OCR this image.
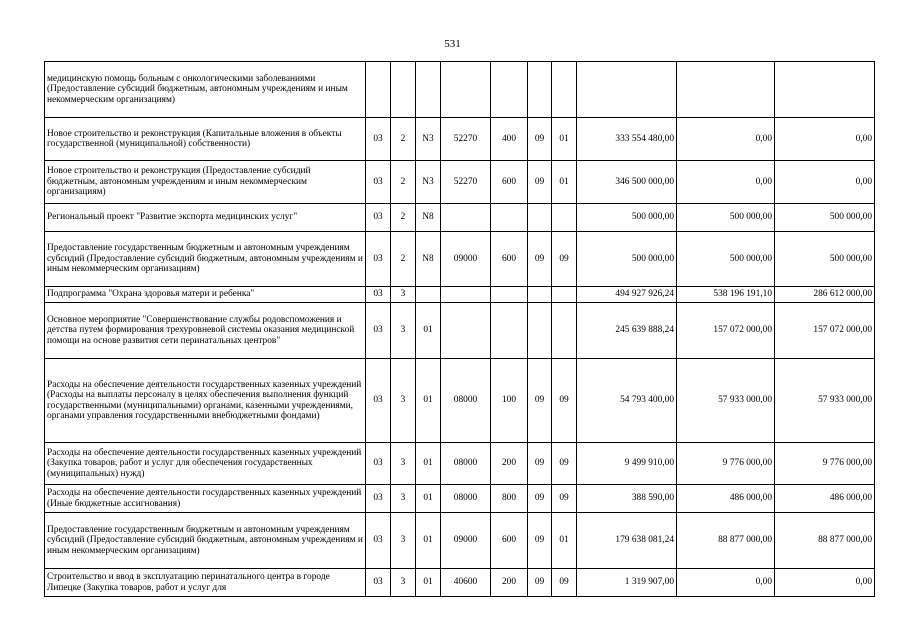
531
медицинскую помощь больным с онкологическими заболеваниями (Предоставление субсидий бюджетным, автономным учреждениям и иным некоммерческим организациям)										
Новое строительство и реконструкция (Капитальные вложения в объекты государственной (муниципальной) собственности)	03	2	N3	52270	400	09	01	333 554 480,00	0,00	0,00
Новое строительство и реконструкция (Предоставление субсидий бюджетным, автономным учреждениям и иным некоммерческим организациям)	03	2	N3	52270	600	09	01	346 500 000,00	0,00	0,00
Региональный проект "Развитие экспорта медицинских услуг"	03	2	N8					500 000,00	500 000,00	500 000,00
Предоставление государственным бюджетным и автономным учреждениям субсидий (Предоставление субсидий бюджетным, автономным учреждениям и иным некоммерческим организациям)	03	2	N8	09000	600	09	09	500 000,00	500 000,00	500 000,00
Подпрограмма "Охрана здоровья матери и ребенка"	03	3						494 927 926,24	538 196 191,10	286 612 000,00
Основное мероприятие "Совершенствование службы родовспоможения и детства путем формирования трехуровневой системы оказания медицинской помощи на основе развития сети перинатальных центров"	03	3	01					245 639 888,24	157 072 000,00	157 072 000,00
Расходы на обеспечение деятельности государственных казенных учреждений (Расходы на выплаты персоналу в целях обеспечения выполнения функций государственными (муниципальными) органами, казенными учреждениями, органами управления государственными внебюджетными фондами)	03	3	01	08000	100	09	09	54 793 400,00	57 933 000,00	57 933 000,00
Расходы на обеспечение деятельности государственных казенных учреждений (Закупка товаров, работ и услуг для обеспечения государственных (муниципальных) нужд)	03	3	01	08000	200	09	09	9 499 910,00	9 776 000,00	9 776 000,00
Расходы на обеспечение деятельности государственных казенных учреждений (Иные бюджетные ассигнования)	03	3	01	08000	800	09	09	388 590,00	486 000,00	486 000,00
Предоставление государственным бюджетным и автономным учреждениям субсидий (Предоставление субсидий бюджетным, автономным учреждениям и иным некоммерческим организациям)	03	3	01	09000	600	09	01	179 638 081,24	88 877 000,00	88 877 000,00
Строительство и ввод в эксплуатацию перинатального центра в городе Липецке (Закупка товаров, работ и услуг для	03	3	01	40600	200	09	09	1 319 907,00	0,00	0,00
